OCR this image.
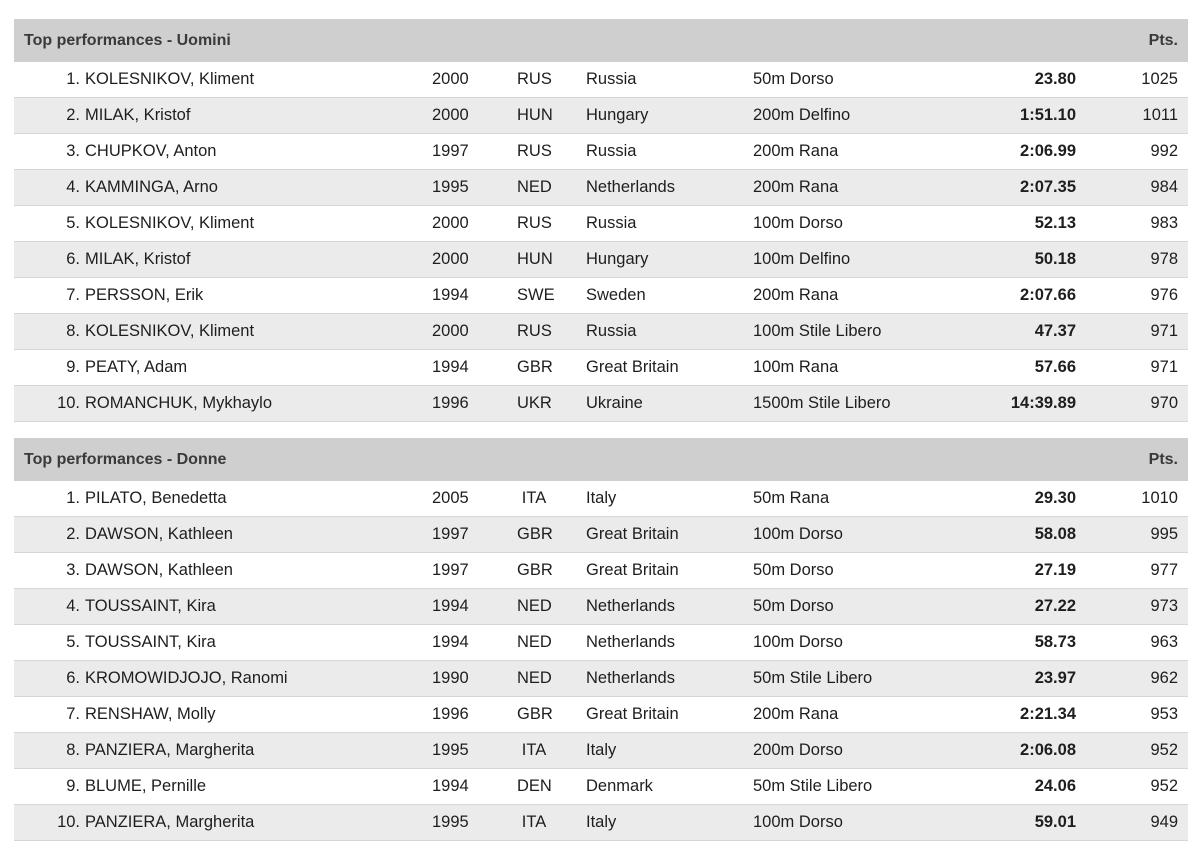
Top performances - Uomini	Pts.
1. KOLESNIKOV, Kliment	2000	RUS Russia	50m Dorso	23.80	1025
2. MILAK, Kristof	2000	HUN Hungary	200m Delfino	1:51.10	1011
3. CHUPKOV, Anton	1997	RUS Russia	200m Rana	2:06.99	992
4. KAMMINGA, Arno	1995	NED Netherlands	200m Rana	2:07.35	984
5. KOLESNIKOV, Kliment	2000	RUS Russia	100m Dorso	52.13	983
6. MILAK, Kristof	2000	HUN Hungary	100m Delfino	50.18	978
7. PERSSON, Erik	1994	SWE Sweden	200m Rana	2:07.66	976
8. KOLESNIKOV, Kliment	2000	RUS Russia	100m Stile Libero	47.37	971
9. PEATY, Adam	1994	GBR Great Britain	100m Rana	57.66	971
10. ROMANCHUK, Mykhaylo	1996	UKR Ukraine	1500m Stile Libero	14:39.89	970
Top performances - Donne	Pts.
1. PILATO, Benedetta	2005	ITA Italy	50m Rana	29.30	1010
2. DAWSON, Kathleen	1997	GBR Great Britain	100m Dorso	58.08	995
3. DAWSON, Kathleen	1997	GBR Great Britain	50m Dorso	27.19	977
4. TOUSSAINT, Kira	1994	NED Netherlands	50m Dorso	27.22	973
5. TOUSSAINT, Kira	1994	NED Netherlands	100m Dorso	58.73	963
6. KROMOWIDJOJO, Ranomi	1990	NED Netherlands	50m Stile Libero	23.97	962
7. RENSHAW, Molly	1996	GBR Great Britain	200m Rana	2:21.34	953
8. PANZIERA, Margherita	1995	ITA Italy	200m Dorso	2:06.08	952
9. BLUME, Pernille	1994	DEN Denmark	50m Stile Libero	24.06	952
10. PANZIERA, Margherita	1995	ITA Italy	100m Dorso	59.01	949
